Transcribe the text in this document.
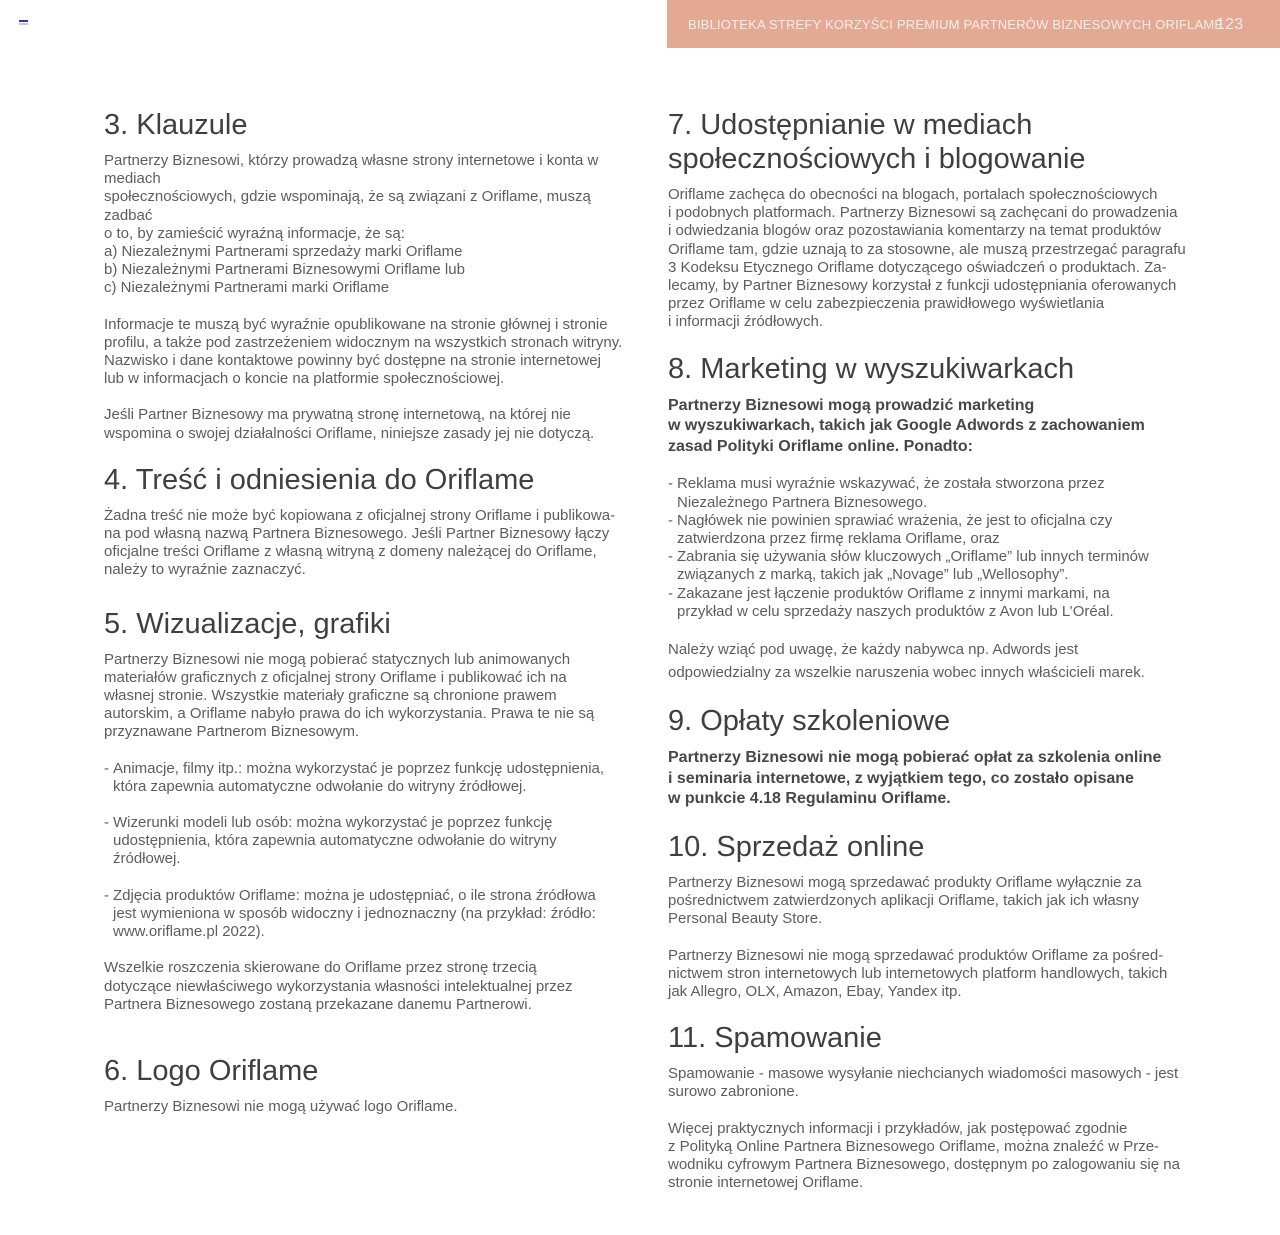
BIBLIOTEKA STREFY KORZYŚCI PREMIUM PARTNERÓW BIZNESOWYCH ORIFLAME
123
3. Klauzule

Partnerzy Biznesowi, którzy prowadzą własne strony internetowe i konta w mediach
społecznościowych, gdzie wspominają, że są związani z Oriflame, muszą zadbać
o to, by zamieścić wyraźną informacje, że są:
a) Niezależnymi Partnerami sprzedaży marki Oriflame
b) Niezależnymi Partnerami Biznesowymi Oriflame lub
c) Niezależnymi Partnerami marki Oriflame

Informacje te muszą być wyraźnie opublikowane na stronie głównej i stronie
profilu, a także pod zastrzeżeniem widocznym na wszystkich stronach witryny.
Nazwisko i dane kontaktowe powinny być dostępne na stronie internetowej
lub w informacjach o koncie na platformie społecznościowej.

Jeśli Partner Biznesowy ma prywatną stronę internetową, na której nie
wspomina o swojej działalności Oriflame, niniejsze zasady jej nie dotyczą.

4. Treść i odniesienia do Oriflame

Żadna treść nie może być kopiowana z oficjalnej strony Oriflame i publikowa-
na pod własną nazwą Partnera Biznesowego. Jeśli Partner Biznesowy łączy
oficjalne treści Oriflame z własną witryną z domeny należącej do Oriflame,
należy to wyraźnie zaznaczyć.

5. Wizualizacje, grafiki

Partnerzy Biznesowi nie mogą pobierać statycznych lub animowanych
materiałów graficznych z oficjalnej strony Oriflame i publikować ich na
własnej stronie. Wszystkie materiały graficzne są chronione prawem
autorskim, a Oriflame nabyło prawa do ich wykorzystania. Prawa te nie są
przyznawane Partnerom Biznesowym.

- Animacje, filmy itp.: można wykorzystać je poprzez funkcję udostępnienia,
która zapewnia automatyczne odwołanie do witryny źródłowej.
- Wizerunki modeli lub osób: można wykorzystać je poprzez funkcję
udostępnienia, która zapewnia automatyczne odwołanie do witryny źródłowej.
- Zdjęcia produktów Oriflame: można je udostępniać, o ile strona źródłowa
jest wymieniona w sposób widoczny i jednoznaczny (na przykład: źródło:
www.oriflame.pl 2022).

Wszelkie roszczenia skierowane do Oriflame przez stronę trzecią
dotyczące niewłaściwego wykorzystania własności intelektualnej przez
Partnera Biznesowego zostaną przekazane danemu Partnerowi.

6. Logo Oriflame

Partnerzy Biznesowi nie mogą używać logo Oriflame.

7. Udostępnianie w mediach
społecznościowych i blogowanie

Oriflame zachęca do obecności na blogach, portalach społecznościowych
i podobnych platformach. Partnerzy Biznesowi są zachęcani do prowadzenia
i odwiedzania blogów oraz pozostawiania komentarzy na temat produktów
Oriflame tam, gdzie uznają to za stosowne, ale muszą przestrzegać paragrafu
3 Kodeksu Etycznego Oriflame dotyczącego oświadczeń o produktach. Za-
lecamy, by Partner Biznesowy korzystał z funkcji udostępniania oferowanych
przez Oriflame w celu zabezpieczenia prawidłowego wyświetlania
i informacji źródłowych.

8. Marketing w wyszukiwarkach

Partnerzy Biznesowi mogą prowadzić marketing
w wyszukiwarkach, takich jak Google Adwords z zachowaniem
zasad Polityki Oriflame online. Ponadto:

- Reklama musi wyraźnie wskazywać, że została stworzona przez
Niezależnego Partnera Biznesowego.
- Nagłówek nie powinien sprawiać wrażenia, że jest to oficjalna czy
zatwierdzona przez firmę reklama Oriflame, oraz
- Zabrania się używania słów kluczowych „Oriflame” lub innych terminów
związanych z marką, takich jak „Novage” lub „Wellosophy”.
- Zakazane jest łączenie produktów Oriflame z innymi markami, na
przykład w celu sprzedaży naszych produktów z Avon lub L’Oréal.

Należy wziąć pod uwagę, że każdy nabywca np. Adwords jest
odpowiedzialny za wszelkie naruszenia wobec innych właścicieli marek.

9. Opłaty szkoleniowe

Partnerzy Biznesowi nie mogą pobierać opłat za szkolenia online
i seminaria internetowe, z wyjątkiem tego, co zostało opisane
w punkcie 4.18 Regulaminu Oriflame.

10. Sprzedaż online

Partnerzy Biznesowi mogą sprzedawać produkty Oriflame wyłącznie za
pośrednictwem zatwierdzonych aplikacji Oriflame, takich jak ich własny
Personal Beauty Store.

Partnerzy Biznesowi nie mogą sprzedawać produktów Oriflame za pośred-
nictwem stron internetowych lub internetowych platform handlowych, takich
jak Allegro, OLX, Amazon, Ebay, Yandex itp.

11. Spamowanie

Spamowanie - masowe wysyłanie niechcianych wiadomości masowych - jest
surowo zabronione.

Więcej praktycznych informacji i przykładów, jak postępować zgodnie
z Polityką Online Partnera Biznesowego Oriflame, można znaleźć w Prze-
wodniku cyfrowym Partnera Biznesowego, dostępnym po zalogowaniu się na
stronie internetowej Oriflame.
